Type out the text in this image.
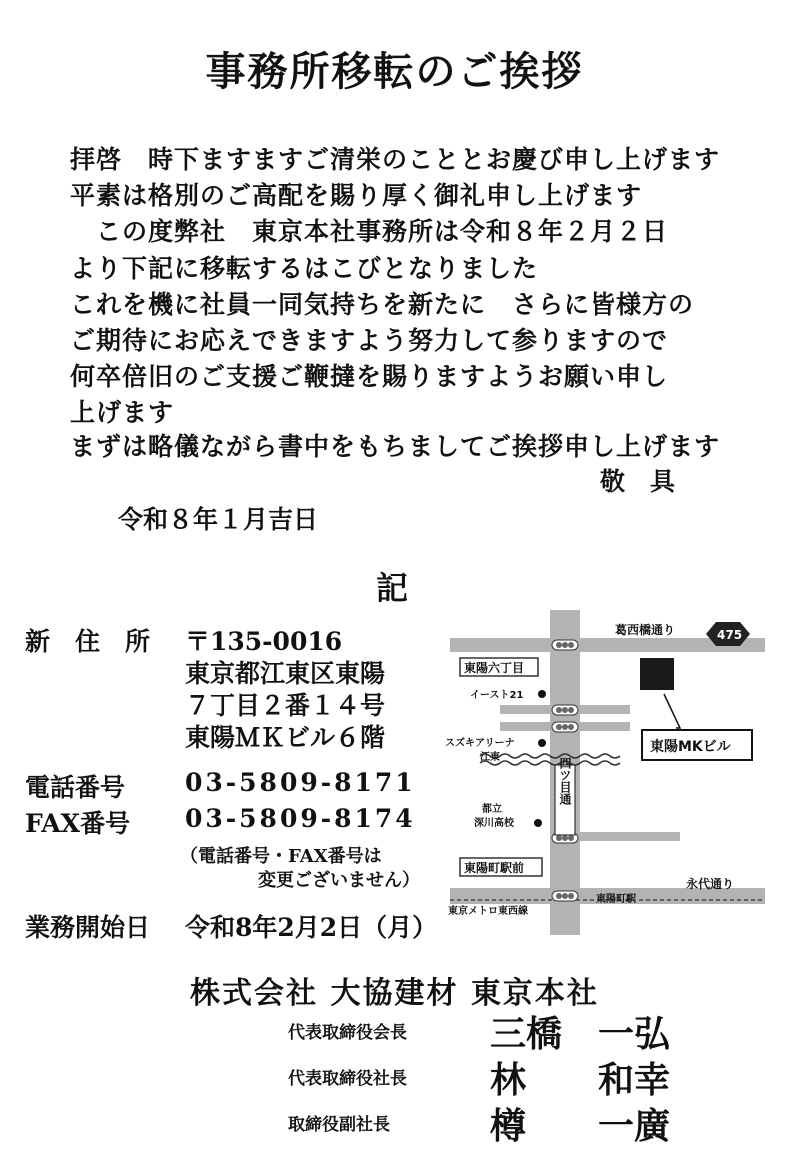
事務所移転のご挨拶
拝啓　時下ますますご清栄のこととお慶び申し上げます
平素は格別のご高配を賜り厚く御礼申し上げます
　この度弊社　東京本社事務所は令和８年２月２日
より下記に移転するはこびとなりました
これを機に社員一同気持ちを新たに　さらに皆様方の
ご期待にお応えできますよう努力して参りますので
何卒倍旧のご支援ご鞭撻を賜りますようお願い申し
上げます
まずは略儀ながら書中をもちましてご挨拶申し上げます
敬　具
令和８年１月吉日
記
新　住　所 〒135-0016
東京都江東区東陽
７丁目２番１４号
東陽ＭＫビル６階
電話番号 03-5809-8171
FAX番号 03-5809-8174
（電話番号・FAX番号は
変更ございません）
業務開始日 令和8年2月2日（月）
葛西橋通り	475
東陽六丁目
イースト21
スズキアリーナ
江東
都立
深川高校
四ツ目通
東陽MKビル
東陽町駅前
永代通り
東陽町駅
東京メトロ東西線
株式会社 大協建材 東京本社
代表取締役会長 三橋　一弘
代表取締役社長 林　　和幸
取締役副社長	樽　　一廣
